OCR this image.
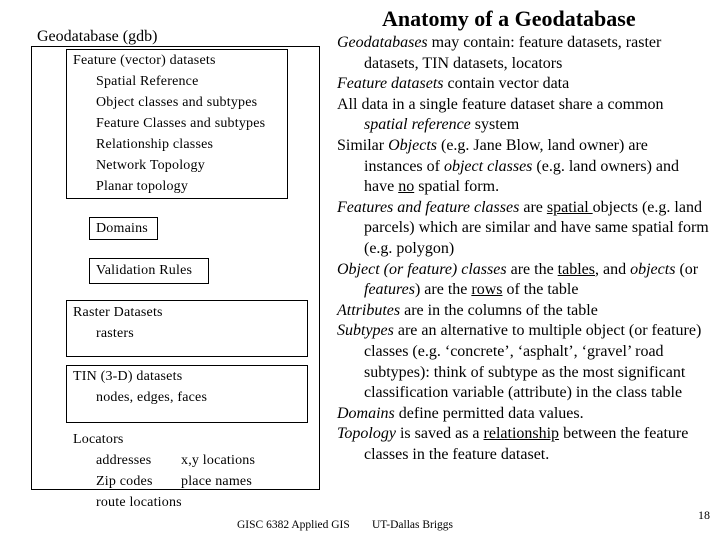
Anatomy of a Geodatabase
Geodatabase (gdb)
Feature (vector) datasets
Spatial Reference
Object classes and subtypes
Feature Classes and subtypes
Relationship classes
Network Topology
Planar topology
Domains
Validation Rules
Raster Datasets
rasters
TIN (3-D) datasets
nodes, edges, faces
Locators
addresses x,y locations
Zip codes place names
route locations

Geodatabases may contain: feature datasets, raster datasets, TIN datasets, locators

Feature datasets contain vector data

All data in a single feature dataset share a common spatial reference system

Similar Objects (e.g. Jane Blow, land owner) are instances of object classes (e.g. land owners) and have no spatial form.

Features and feature classes are spatial objects (e.g. land parcels) which are similar and have same spatial form (e.g. polygon)

Object (or feature) classes are the tables, and objects (or features) are the rows of the table

Attributes are in the columns of the table

Subtypes are an alternative to multiple object (or feature) classes (e.g. ‘concrete’, ‘asphalt’, ‘gravel’ road subtypes): think of subtype as the most significant classification variable (attribute) in the class table

Domains define permitted data values.

Topology is saved as a relationship between the feature classes in the feature dataset.

GISC 6382 Applied GIS UT-Dallas Briggs
18
